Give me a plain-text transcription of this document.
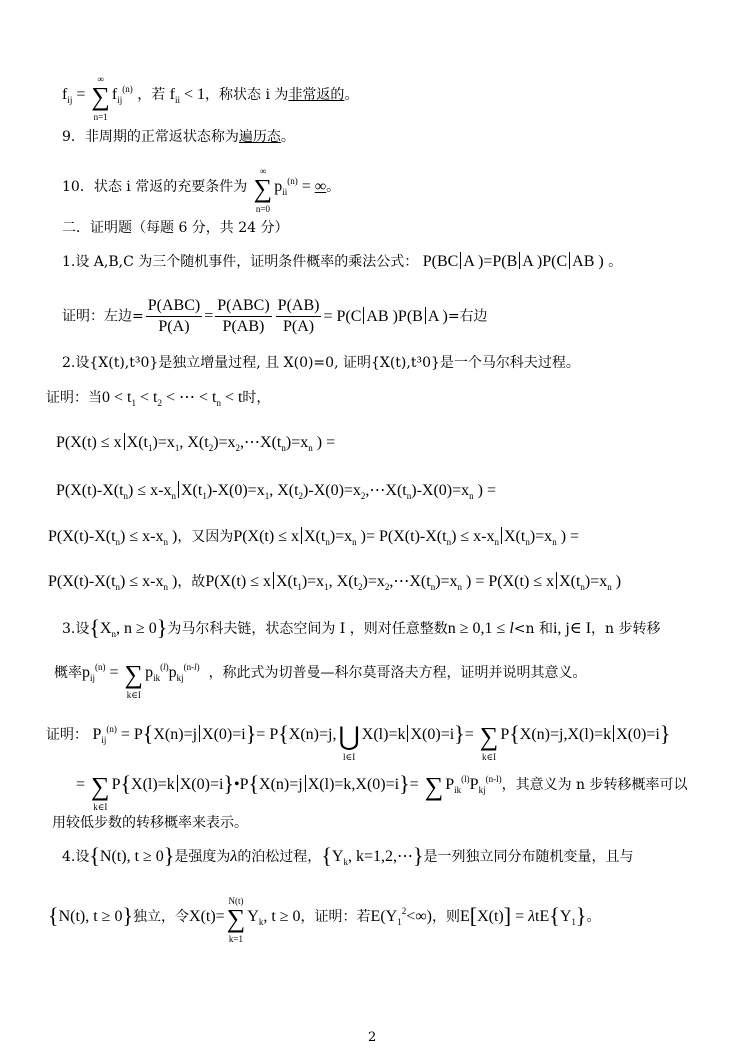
$f_{ij}$ = ∑
∞
n=1
$f_{ij}^{(n)}$ ，若 $f_{ii} < 1$，称状态 i 为非常返的。
9．非周期的正常返状态称为遍历态。
10．状态 i 常返的充要条件为 ∑
∞
n=0
$p_{ii}^{(n)}$ = ∞。
二．证明题（每题 6 分，共 24 分）
1.设 A,B,C 为三个随机事件，证明条件概率的乘法公式： P(BC A )=P(B A )P(C AB ) 。
证明：左边= $\frac{\text{P(ABC)}}{P(A)} = \frac{\text{P(ABC)}}{P(AB)} \frac{P(AB)}{P(A)} = P(C$ AB )P(B A )=右边
2.设{X(t),t³0}是独立增量过程, 且 X(0)=0, 证明{X(t),t³0}是一个马尔科夫过程。
证明：当$0 < t_1 < t_2$ < ⋯ < $t_n < t$时，
P(X(t) ≤ x $X(t_1)=x_1$, $X(t_2)=x_2,\cdots X(t_n)=x_n$ ) =
$P(X(t)-X(t_n) \le x-x_n$ $X(t_1)-X(0)=x_1$, $X(t_2)-X(0)=x_2,\cdots X(t_n)-X(0)=x_n$ ) =
$P(X(t)-X(t_n) \le x-x_n$ )，又因为P(X(t) ≤ x $X(t_n)=x_n$ )= $P(X(t)-X(t_n) \le x-x_n$ $X(t_n)=x_n$ ) =
$P(X(t)-X(t_n) \le x-x_n$ )，故P(X(t) ≤ x $X(t_1)=x_1$, $X(t_2)=x_2,\cdots X(t_n)=x_n$ ) = P(X(t) ≤ x $X(t_n)=x_n$ )
3.设{$X_n$, n ≥ 0}为马尔科夫链，状态空间为 I ，则对任意整数n ≥ 0,1 ≤ l<n 和i, j∈ I，n 步转移
概率$p_{ij}^{(n)}$ = ∑
k∈I
$p_{ik}^{(l)}p_{kj}^{(n-l)}$ ，称此式为切普曼—科尔莫哥洛夫方程，证明并说明其意义。
证明： $P_{ij}^{(n)} = P\{X(n)=j$ X(0)=i}= P{X(n)=j,⋃
l∈I
X(l)=k X(0)=i}= ∑
k∈I
P{X(n)=j,X(l)=k X(0)=i}
= ∑
k∈I
P{X(l)=k X(0)=i}•P{X(n)=j X(l)=k,X(0)=i}= ∑ $P_{ik}^{(l)}P_{kj}^{(n-l)}$，其意义为 n 步转移概率可以
用较低步数的转移概率来表示。
4.设{N(t), t ≥ 0}是强度为λ的泊松过程，{$Y_k$, k=1,2,⋯}是一列独立同分布随机变量，且与
{N(t), t ≥ 0}独立，令X(t)=∑
N(t)
k=1
$Y_k$, t ≥ 0，证明：若$E(Y_1^2<\infty)$，则$E[X(t)] = \lambda tE\{Y_1\}$。
2
